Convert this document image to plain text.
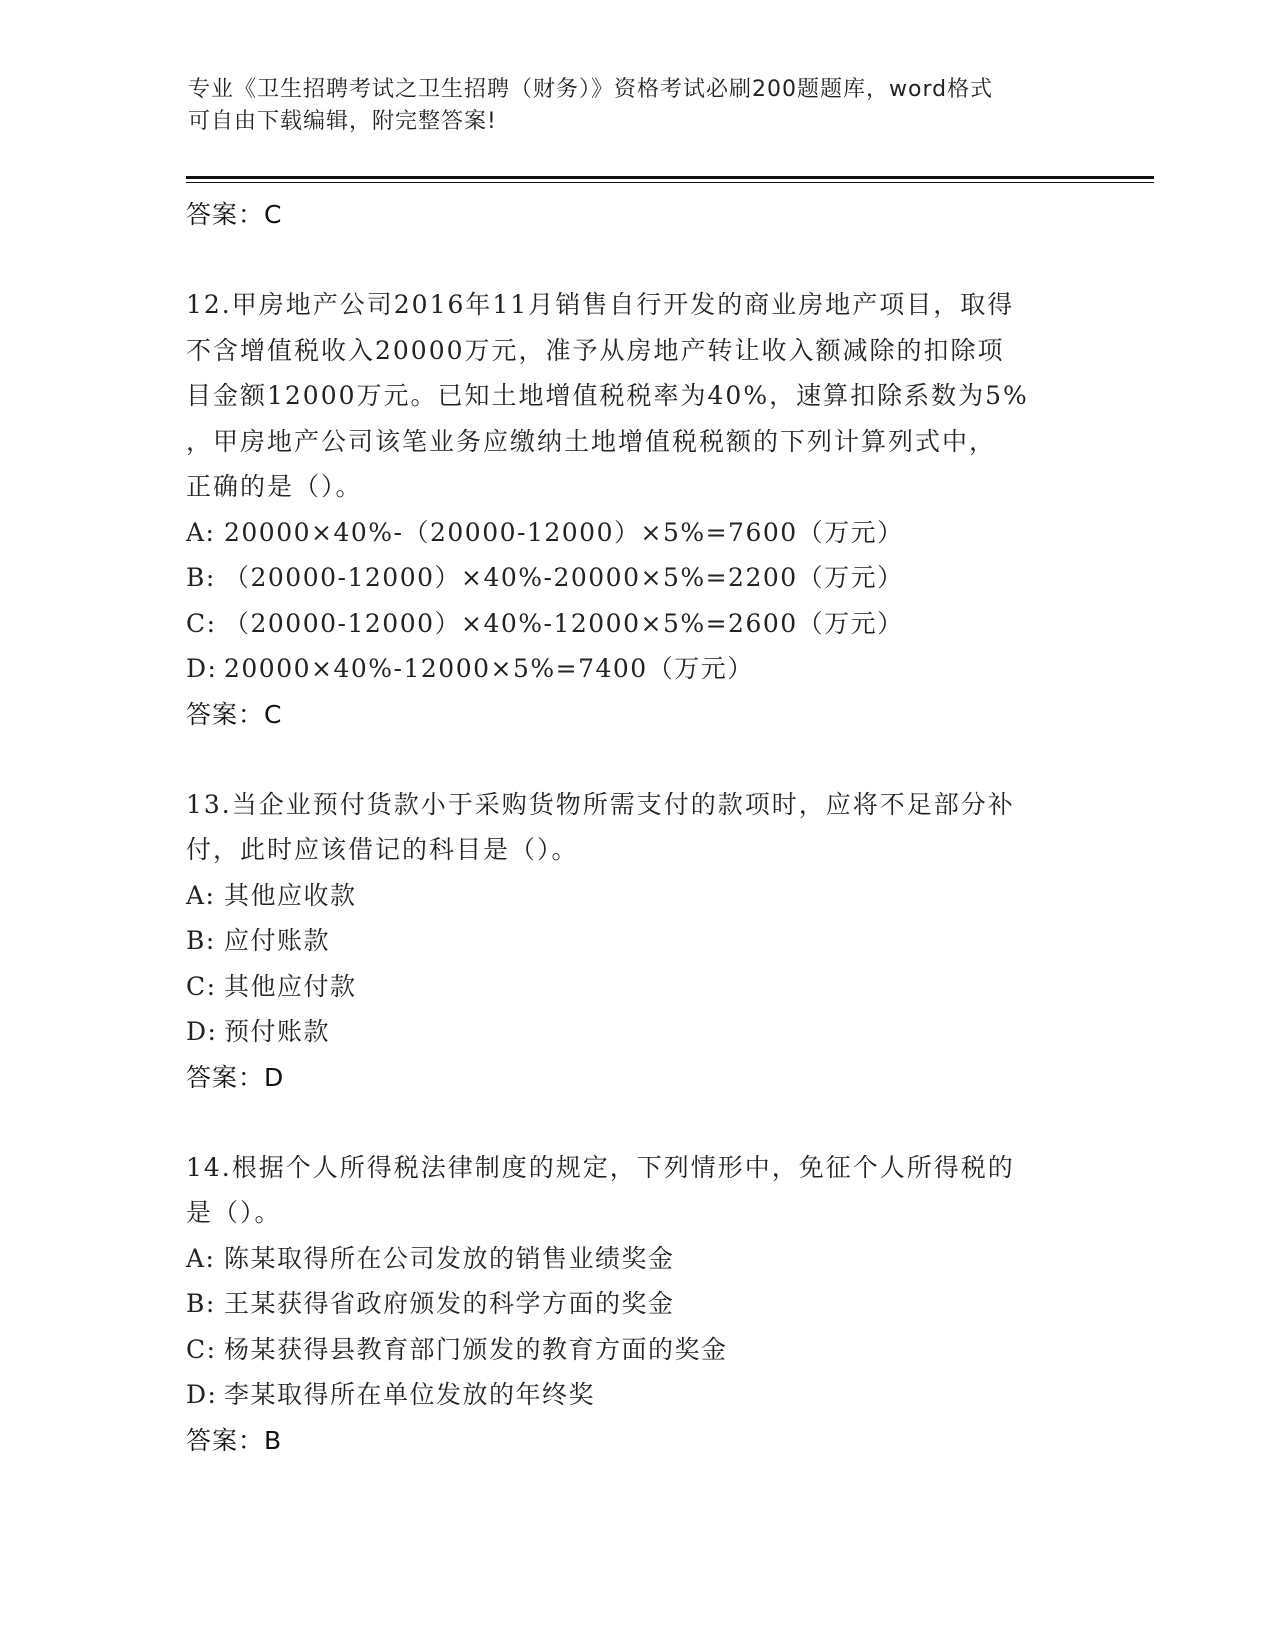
专业《卫生招聘考试之卫生招聘（财务）》资格考试必刷200题题库，word格式
可自由下载编辑，附完整答案!
答案：C
12.甲房地产公司2016年11月销售自行开发的商业房地产项目，取得
不含增值税收入20000万元，准予从房地产转让收入额减除的扣除项
目金额12000万元。已知土地增值税税率为40%，速算扣除系数为5%
，甲房地产公司该笔业务应缴纳土地增值税税额的下列计算列式中，
正确的是（）。
A: 20000×40%-（20000-12000）×5%=7600（万元）
B: （20000-12000）×40%-20000×5%=2200（万元）
C: （20000-12000）×40%-12000×5%=2600（万元）
D: 20000×40%-12000×5%=7400（万元）
答案：C
13.当企业预付货款小于采购货物所需支付的款项时，应将不足部分补
付，此时应该借记的科目是（）。
A: 其他应收款
B: 应付账款
C: 其他应付款
D: 预付账款
答案：D
14.根据个人所得税法律制度的规定，下列情形中，免征个人所得税的
是（）。
A: 陈某取得所在公司发放的销售业绩奖金
B: 王某获得省政府颁发的科学方面的奖金
C: 杨某获得县教育部门颁发的教育方面的奖金
D: 李某取得所在单位发放的年终奖
答案：B
